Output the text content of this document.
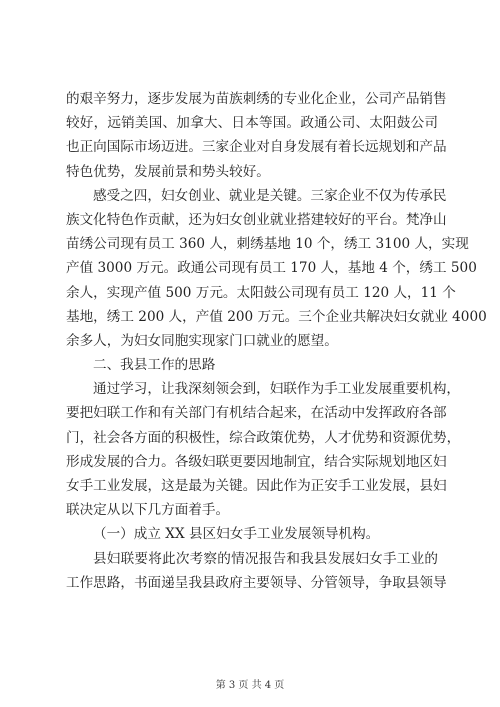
的艰辛努力，逐步发展为苗族刺绣的专业化企业，公司产品销售
较好，远销美国、加拿大、日本等国。政通公司、太阳鼓公司
也正向国际市场迈进。三家企业对自身发展有着长远规划和产品
特色优势，发展前景和势头较好。
感受之四，妇女创业、就业是关键。三家企业不仅为传承民
族文化特色作贡献，还为妇女创业就业搭建较好的平台。梵净山
苗绣公司现有员工 360 人，刺绣基地 10 个，绣工 3100 人，实现
产值 3000 万元。政通公司现有员工 170 人，基地 4 个，绣工 500
余人，实现产值 500 万元。太阳鼓公司现有员工 120 人，11 个
基地，绣工 200 人，产值 200 万元。三个企业共解决妇女就业 4000
余多人，为妇女同胞实现家门口就业的愿望。
二、我县工作的思路
通过学习，让我深刻领会到，妇联作为手工业发展重要机构，
要把妇联工作和有关部门有机结合起来，在活动中发挥政府各部
门，社会各方面的积极性，综合政策优势，人才优势和资源优势，
形成发展的合力。各级妇联更要因地制宜，结合实际规划地区妇
女手工业发展，这是最为关键。因此作为正安手工业发展，县妇
联决定从以下几方面着手。
（一）成立 XX 县区妇女手工业发展领导机构。
县妇联要将此次考察的情况报告和我县发展妇女手工业的
工作思路，书面递呈我县政府主要领导、分管领导，争取县领导
第 3 页 共 4 页
